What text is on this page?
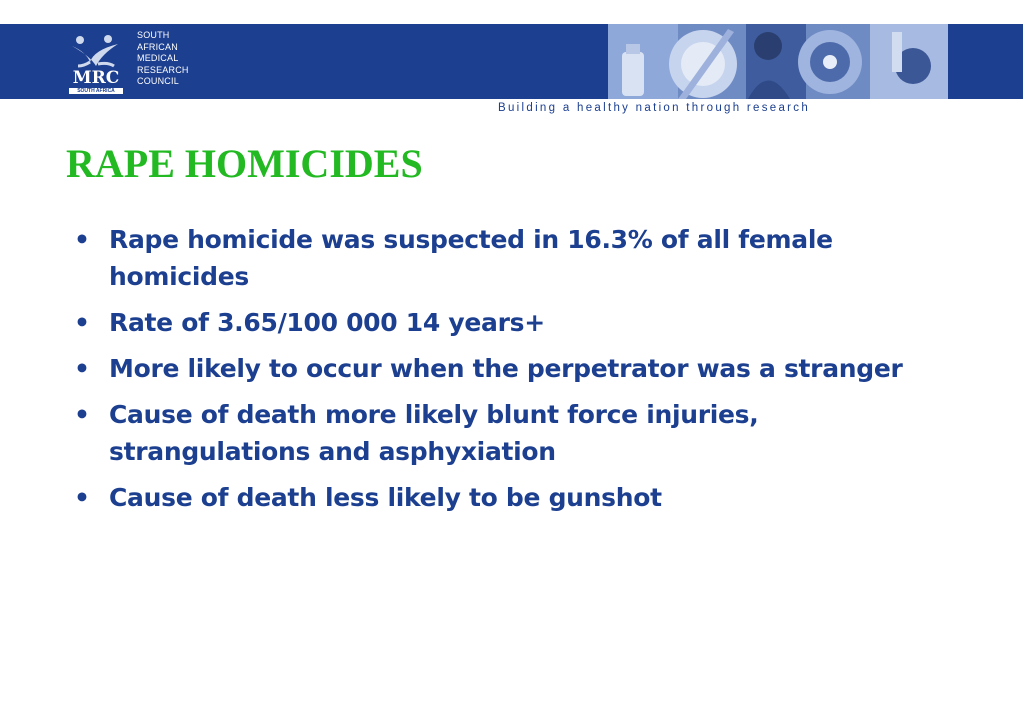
MRC
SOUTH AFRICA
SOUTH
AFRICAN
MEDICAL
RESEARCH
COUNCIL
Building a healthy nation through research
RAPE HOMICIDES
• Rape homicide was suspected in 16.3% of all female homicides
• Rate of 3.65/100 000 14 years+
• More likely to occur when the perpetrator was a stranger
• Cause of death more likely blunt force injuries, strangulations and asphyxiation
• Cause of death less likely to be gunshot
